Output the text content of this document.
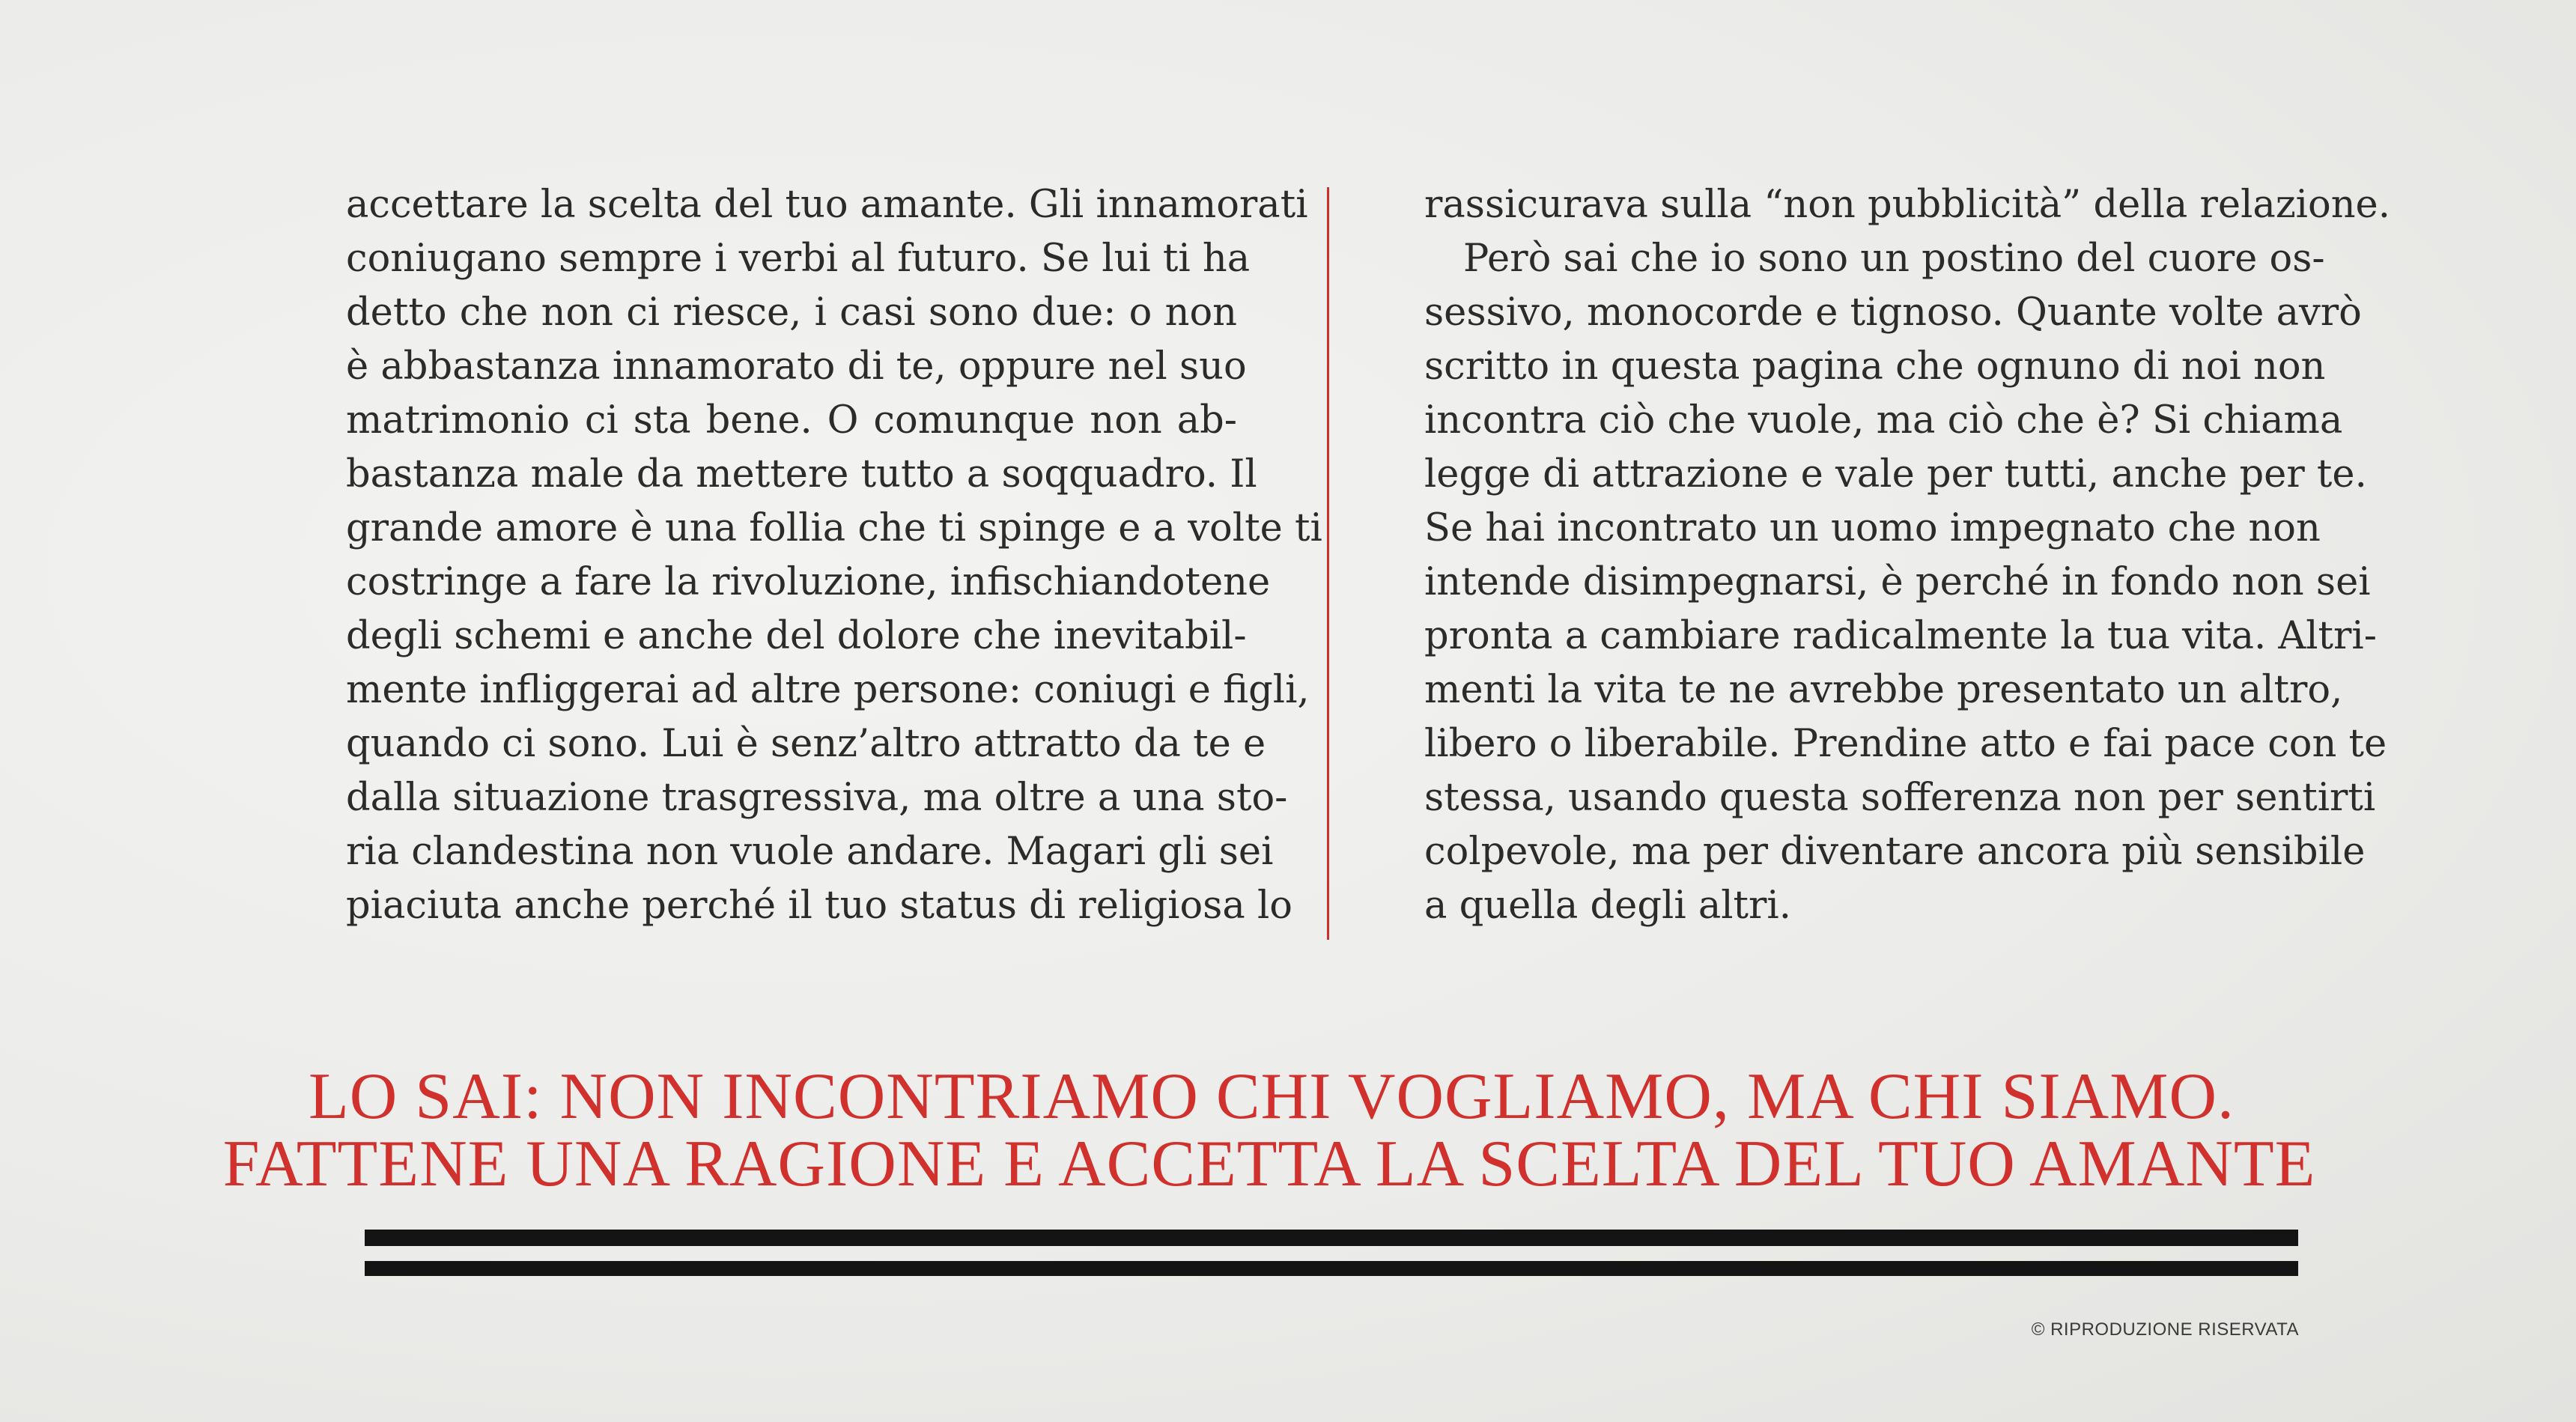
accettare la scelta del tuo amante. Gli innamorati
coniugano sempre i verbi al futuro. Se lui ti ha
detto che non ci riesce, i casi sono due: o non
è abbastanza innamorato di te, oppure nel suo
matrimonio ci sta bene. O comunque non ab-
bastanza male da mettere tutto a soqquadro. Il
grande amore è una follia che ti spinge e a volte ti
costringe a fare la rivoluzione, infischiandotene
degli schemi e anche del dolore che inevitabil-
mente infliggerai ad altre persone: coniugi e figli,
quando ci sono. Lui è senz’altro attratto da te e
dalla situazione trasgressiva, ma oltre a una sto-
ria clandestina non vuole andare. Magari gli sei
piaciuta anche perché il tuo status di religiosa lo
rassicurava sulla “non pubblicità” della relazione.
Però sai che io sono un postino del cuore os-
sessivo, monocorde e tignoso. Quante volte avrò
scritto in questa pagina che ognuno di noi non
incontra ciò che vuole, ma ciò che è? Si chiama
legge di attrazione e vale per tutti, anche per te.
Se hai incontrato un uomo impegnato che non
intende disimpegnarsi, è perché in fondo non sei
pronta a cambiare radicalmente la tua vita. Altri-
menti la vita te ne avrebbe presentato un altro,
libero o liberabile. Prendine atto e fai pace con te
stessa, usando questa sofferenza non per sentirti
colpevole, ma per diventare ancora più sensibile
a quella degli altri.
LO SAI: NON INCONTRIAMO CHI VOGLIAMO, MA CHI SIAMO.
FATTENE UNA RAGIONE E ACCETTA LA SCELTA DEL TUO AMANTE
© RIPRODUZIONE RISERVATA
